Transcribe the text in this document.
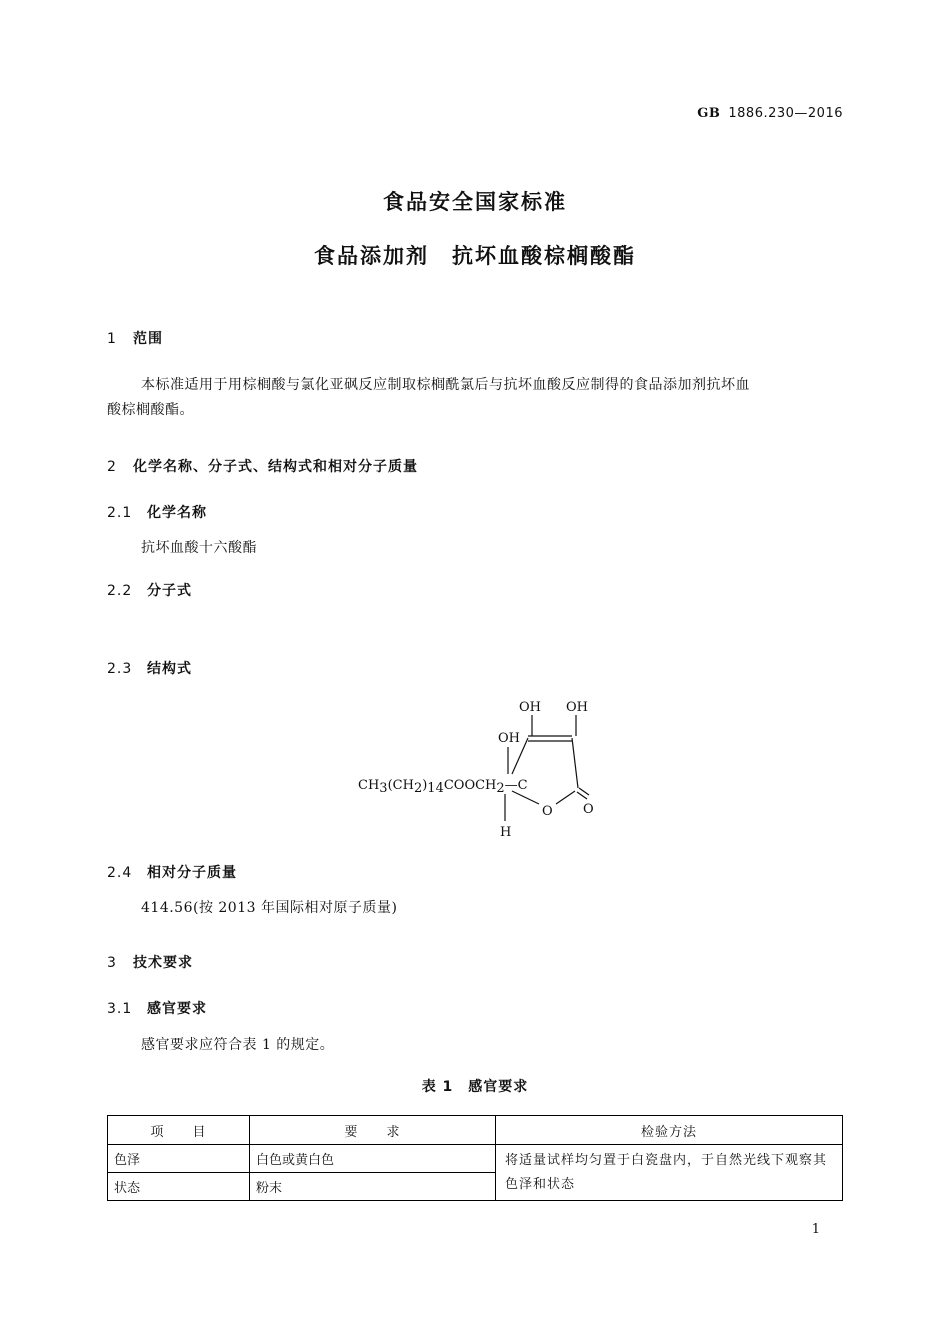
GB 1886.230—2016
食品安全国家标准
食品添加剂　抗坏血酸棕榈酸酯
1 范围
本标准适用于用棕榈酸与氯化亚砜反应制取棕榈酰氯后与抗坏血酸反应制得的食品添加剂抗坏血
酸棕榈酸酯。
2 化学名称、分子式、结构式和相对分子质量
2.1 化学名称
抗坏血酸十六酸酯
2.2 分子式
2.3 结构式
OH OH
OH
CH3(CH2)14COOCH2—C
O O
H
2.4 相对分子质量
414.56(按 2013 年国际相对原子质量)
3 技术要求
3.1 感官要求
感官要求应符合表 1 的规定。
表 1　感官要求
项　　目	要　　求	检验方法
色泽	白色或黄白色	将适量试样均匀置于白瓷盘内，于自然光线下观察其
色泽和状态

状态	粉末	
1
